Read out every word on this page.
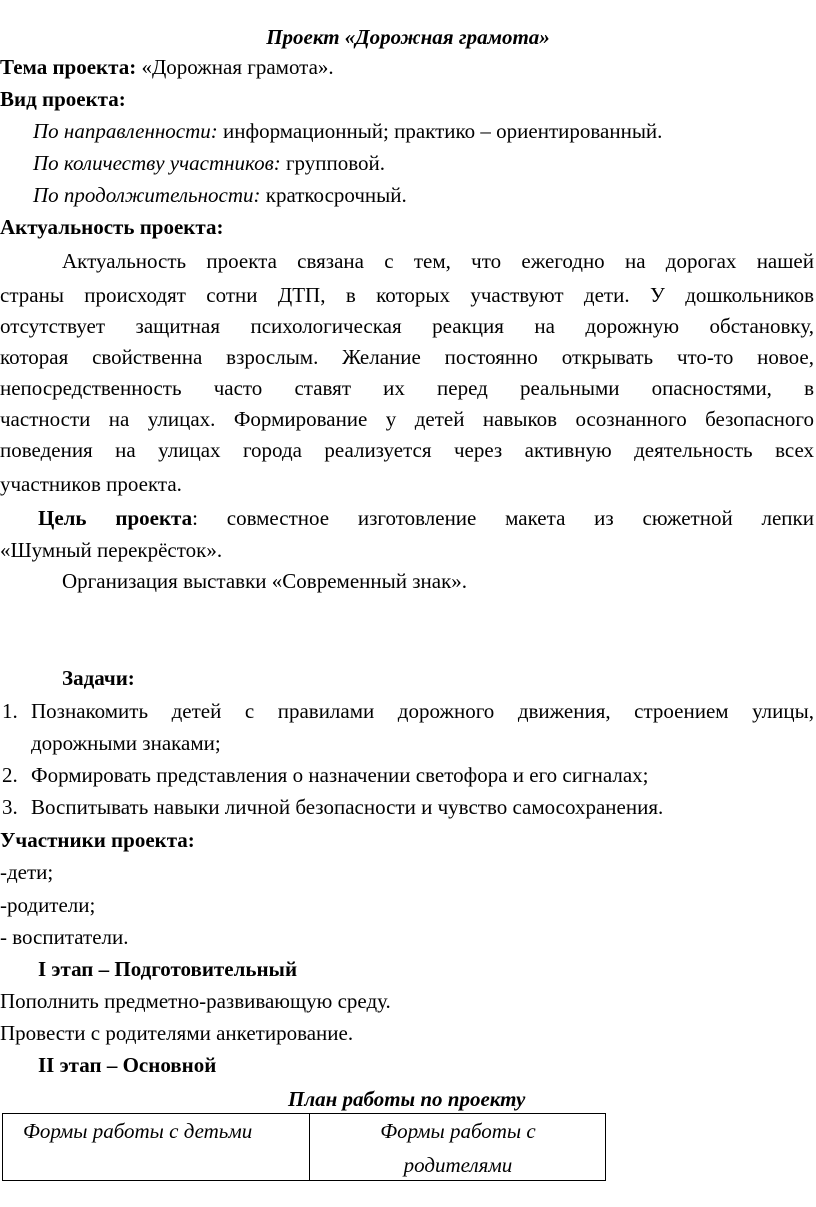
Проект «Дорожная грамота»
Тема проекта: «Дорожная грамота».
Вид проекта:
По направленности: информационный; практико – ориентированный.
По количеству участников: групповой.
По продолжительности: краткосрочный.
Актуальность проекта:
Актуальность проекта связана с тем, что ежегодно на дорогах нашей
страны происходят сотни ДТП, в которых участвуют дети. У дошкольников
отсутствует защитная психологическая реакция на дорожную обстановку,
которая свойственна взрослым. Желание постоянно открывать что-то новое,
непосредственность часто ставят их перед реальными опасностями, в
частности на улицах. Формирование у детей навыков осознанного безопасного
поведения на улицах города реализуется через активную деятельность всех
участников проекта.
Цель проекта: совместное изготовление макета из сюжетной лепки
«Шумный перекрёсток».
Организация выставки «Современный знак».
Задачи:
1. Познакомить детей с правилами дорожного движения, строением улицы,
дорожными знаками;
2. Формировать представления о назначении светофора и его сигналах;
3. Воспитывать навыки личной безопасности и чувство самосохранения.
Участники проекта:
-дети;
-родители;
- воспитатели.
I этап – Подготовительный
Пополнить предметно-развивающую среду.
Провести с родителями анкетирование.
II этап – Основной
План работы по проекту
Формы работы с детьми	Формы работы с
родителями
